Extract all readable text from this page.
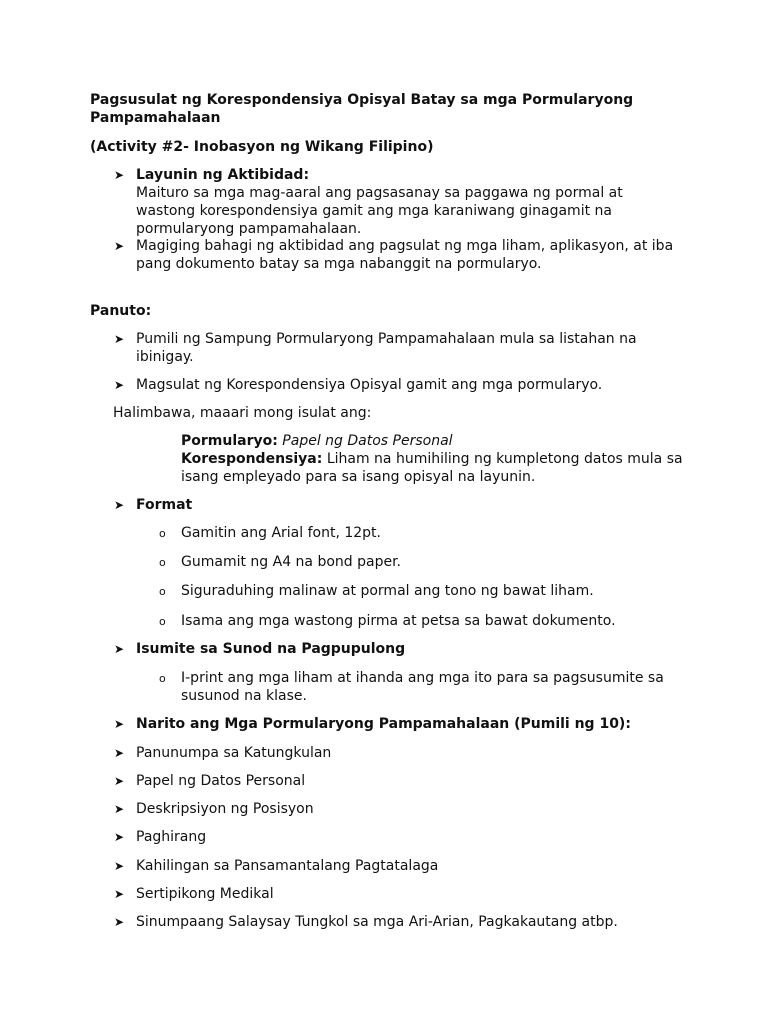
Pagsusulat ng Korespondensiya Opisyal Batay sa mga Pormularyong Pampamahalaan
(Activity #2- Inobasyon ng Wikang Filipino)
➤ Layunin ng Aktibidad:
Maituro sa mga mag-aaral ang pagsasanay sa paggawa ng pormal at
wastong korespondensiya gamit ang mga karaniwang ginagamit na
pormularyong pampamahalaan.
➤ Magiging bahagi ng aktibidad ang pagsulat ng mga liham, aplikasyon, at iba
pang dokumento batay sa mga nabanggit na pormularyo.
Panuto:
➤ Pumili ng Sampung Pormularyong Pampamahalaan mula sa listahan na
ibinigay.
➤ Magsulat ng Korespondensiya Opisyal gamit ang mga pormularyo.
Halimbawa, maaari mong isulat ang:
Pormularyo: Papel ng Datos Personal
Korespondensiya: Liham na humihiling ng kumpletong datos mula sa
isang empleyado para sa isang opisyal na layunin.
➤ Format
o Gamitin ang Arial font, 12pt.
o Gumamit ng A4 na bond paper.
o Siguraduhing malinaw at pormal ang tono ng bawat liham.
o Isama ang mga wastong pirma at petsa sa bawat dokumento.
➤ Isumite sa Sunod na Pagpupulong
o I-print ang mga liham at ihanda ang mga ito para sa pagsusumite sa
susunod na klase.
➤ Narito ang Mga Pormularyong Pampamahalaan (Pumili ng 10):
➤ Panunumpa sa Katungkulan
➤ Papel ng Datos Personal
➤ Deskripsiyon ng Posisyon
➤ Paghirang
➤ Kahilingan sa Pansamantalang Pagtatalaga
➤ Sertipikong Medikal
➤ Sinumpaang Salaysay Tungkol sa mga Ari-Arian, Pagkakautang atbp.
